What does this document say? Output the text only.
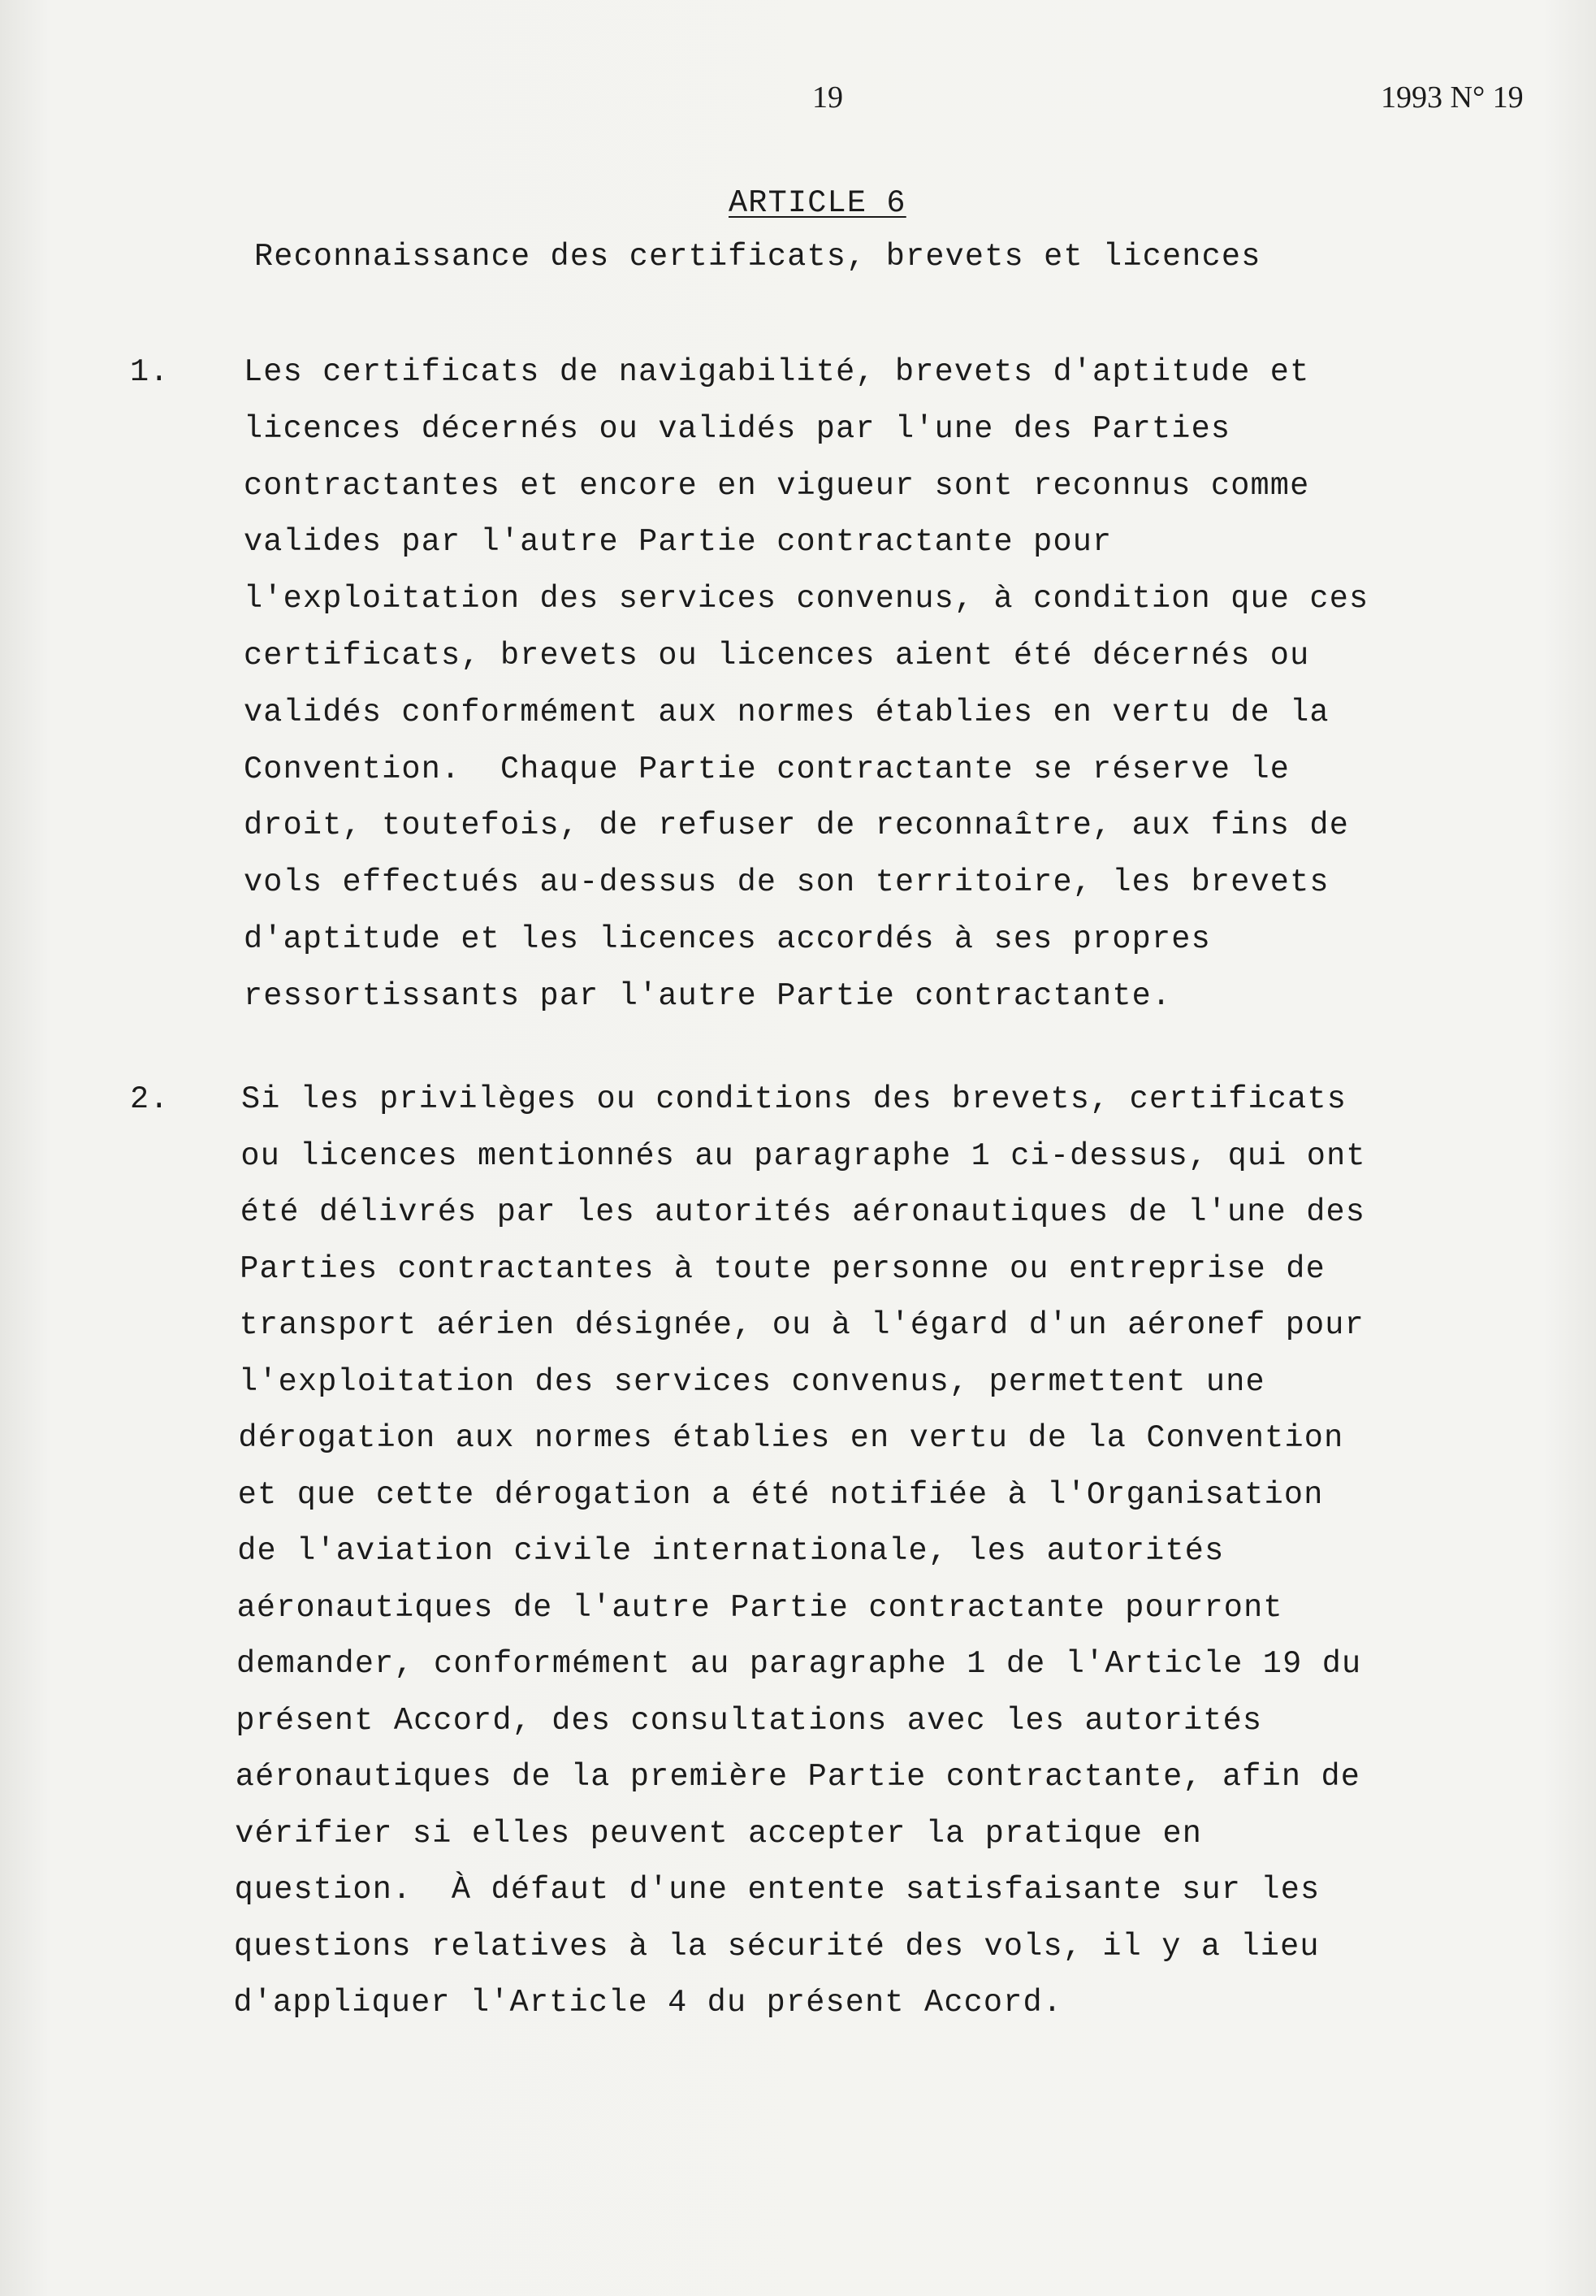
19	1993 N° 19
ARTICLE 6
Reconnaissance des certificats, brevets et licences
1. Les certificats de navigabilité, brevets d'aptitude et
licences décernés ou validés par l'une des Parties
contractantes et encore en vigueur sont reconnus comme
valides par l'autre Partie contractante pour
l'exploitation des services convenus, à condition que ces
certificats, brevets ou licences aient été décernés ou
validés conformément aux normes établies en vertu de la
Convention.  Chaque Partie contractante se réserve le
droit, toutefois, de refuser de reconnaître, aux fins de
vols effectués au-dessus de son territoire, les brevets
d'aptitude et les licences accordés à ses propres
ressortissants par l'autre Partie contractante.
2. Si les privilèges ou conditions des brevets, certificats
ou licences mentionnés au paragraphe 1 ci-dessus, qui ont
été délivrés par les autorités aéronautiques de l'une des
Parties contractantes à toute personne ou entreprise de
transport aérien désignée, ou à l'égard d'un aéronef pour
l'exploitation des services convenus, permettent une
dérogation aux normes établies en vertu de la Convention
et que cette dérogation a été notifiée à l'Organisation
de l'aviation civile internationale, les autorités
aéronautiques de l'autre Partie contractante pourront
demander, conformément au paragraphe 1 de l'Article 19 du
présent Accord, des consultations avec les autorités
aéronautiques de la première Partie contractante, afin de
vérifier si elles peuvent accepter la pratique en
question.  À défaut d'une entente satisfaisante sur les
questions relatives à la sécurité des vols, il y a lieu
d'appliquer l'Article 4 du présent Accord.
